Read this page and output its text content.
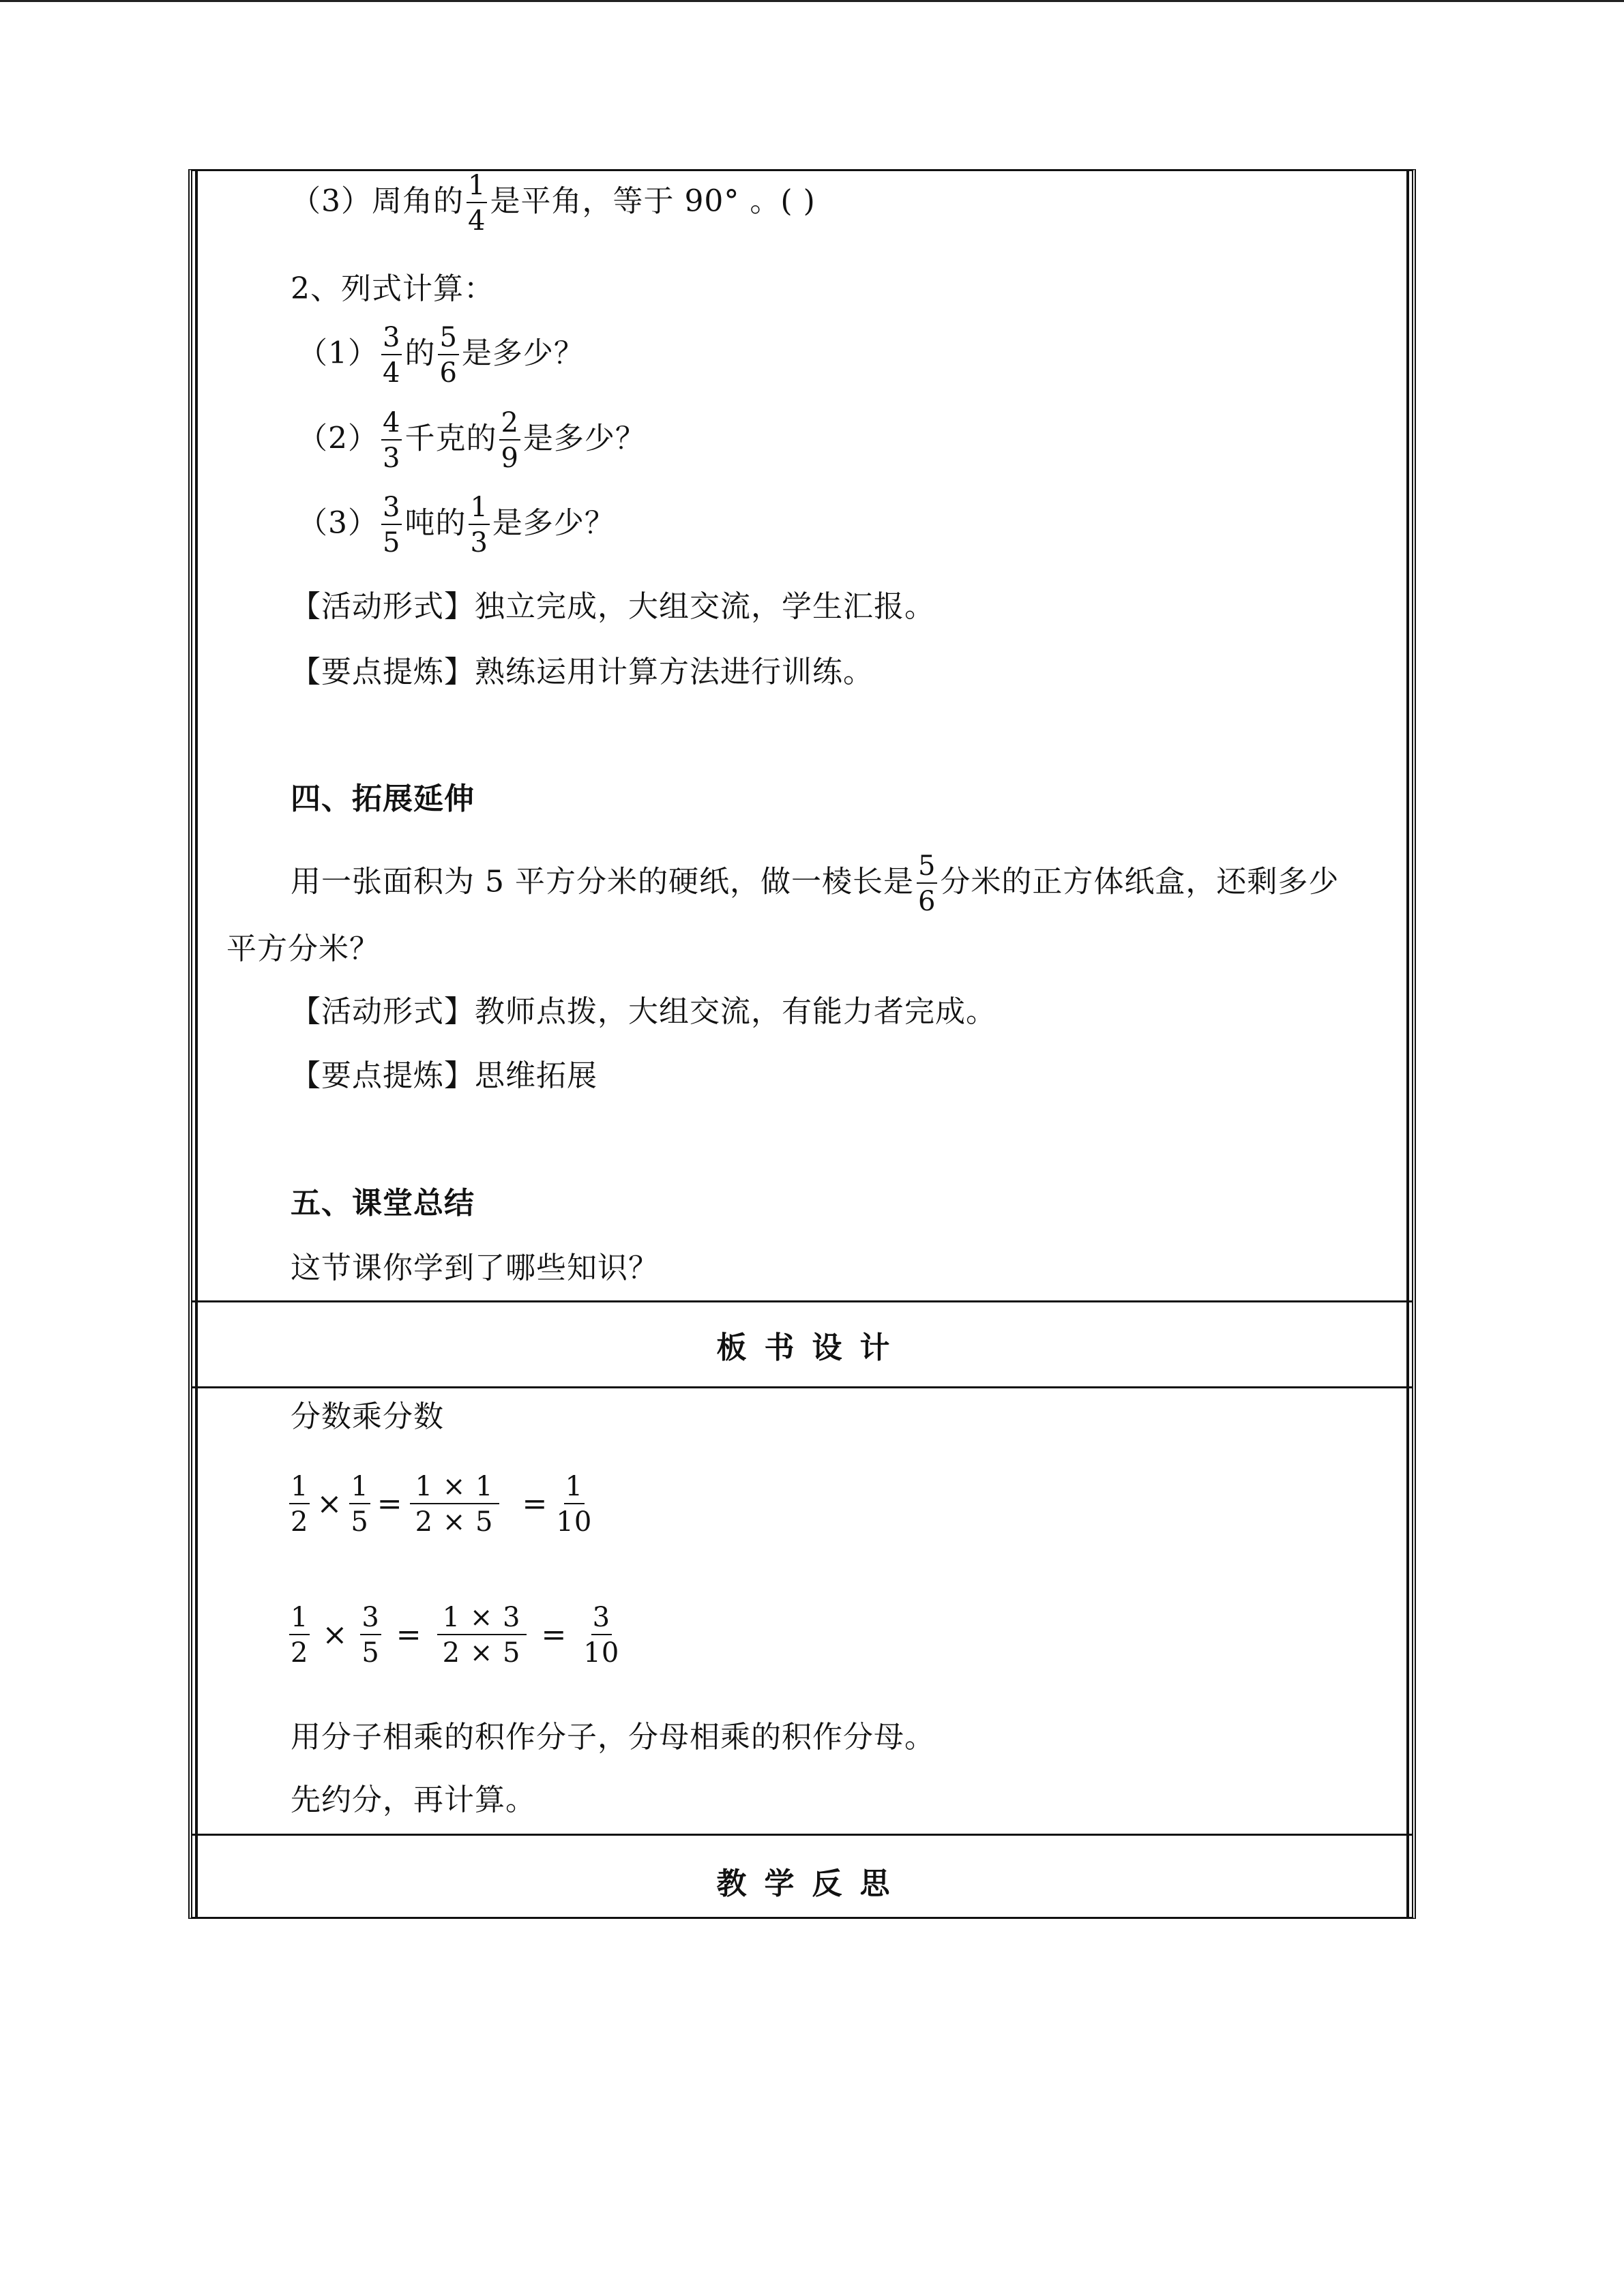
（3）周角的 $\frac{1}{4}$ 是平角，等于 90° 。( )
2、列式计算：
$(1) \frac{3}{4}$ 的 $\frac{5}{6}$ 是多少？
$(2) \frac{4}{3}$ 千克的 $\frac{2}{9}$ 是多少？
$(3) \frac{3}{5}$ 吨的 $\frac{1}{3}$ 是多少？
【活动形式】独立完成，大组交流，学生汇报。
【要点提炼】熟练运用计算方法进行训练。
四、拓展延伸
用一张面积为 5 平方分米的硬纸，做一棱长是 $\frac{5}{6}$ 分米的正方体纸盒，还剩多少
平方分米？
【活动形式】教师点拨，大组交流，有能力者完成。
【要点提炼】思维拓展
五、课堂总结
这节课你学到了哪些知识？
板书设计
分数乘分数
$\frac{1}{2} \times \frac{1}{5} = \frac{1 \times 1}{2 \times 5} = \frac{1}{10}$
$\frac{1}{2} \times \frac{3}{5} = \frac{1 \times 3}{2 \times 5} = \frac{3}{10}$
用分子相乘的积作分子，分母相乘的积作分母。
先约分，再计算。
教学反思
